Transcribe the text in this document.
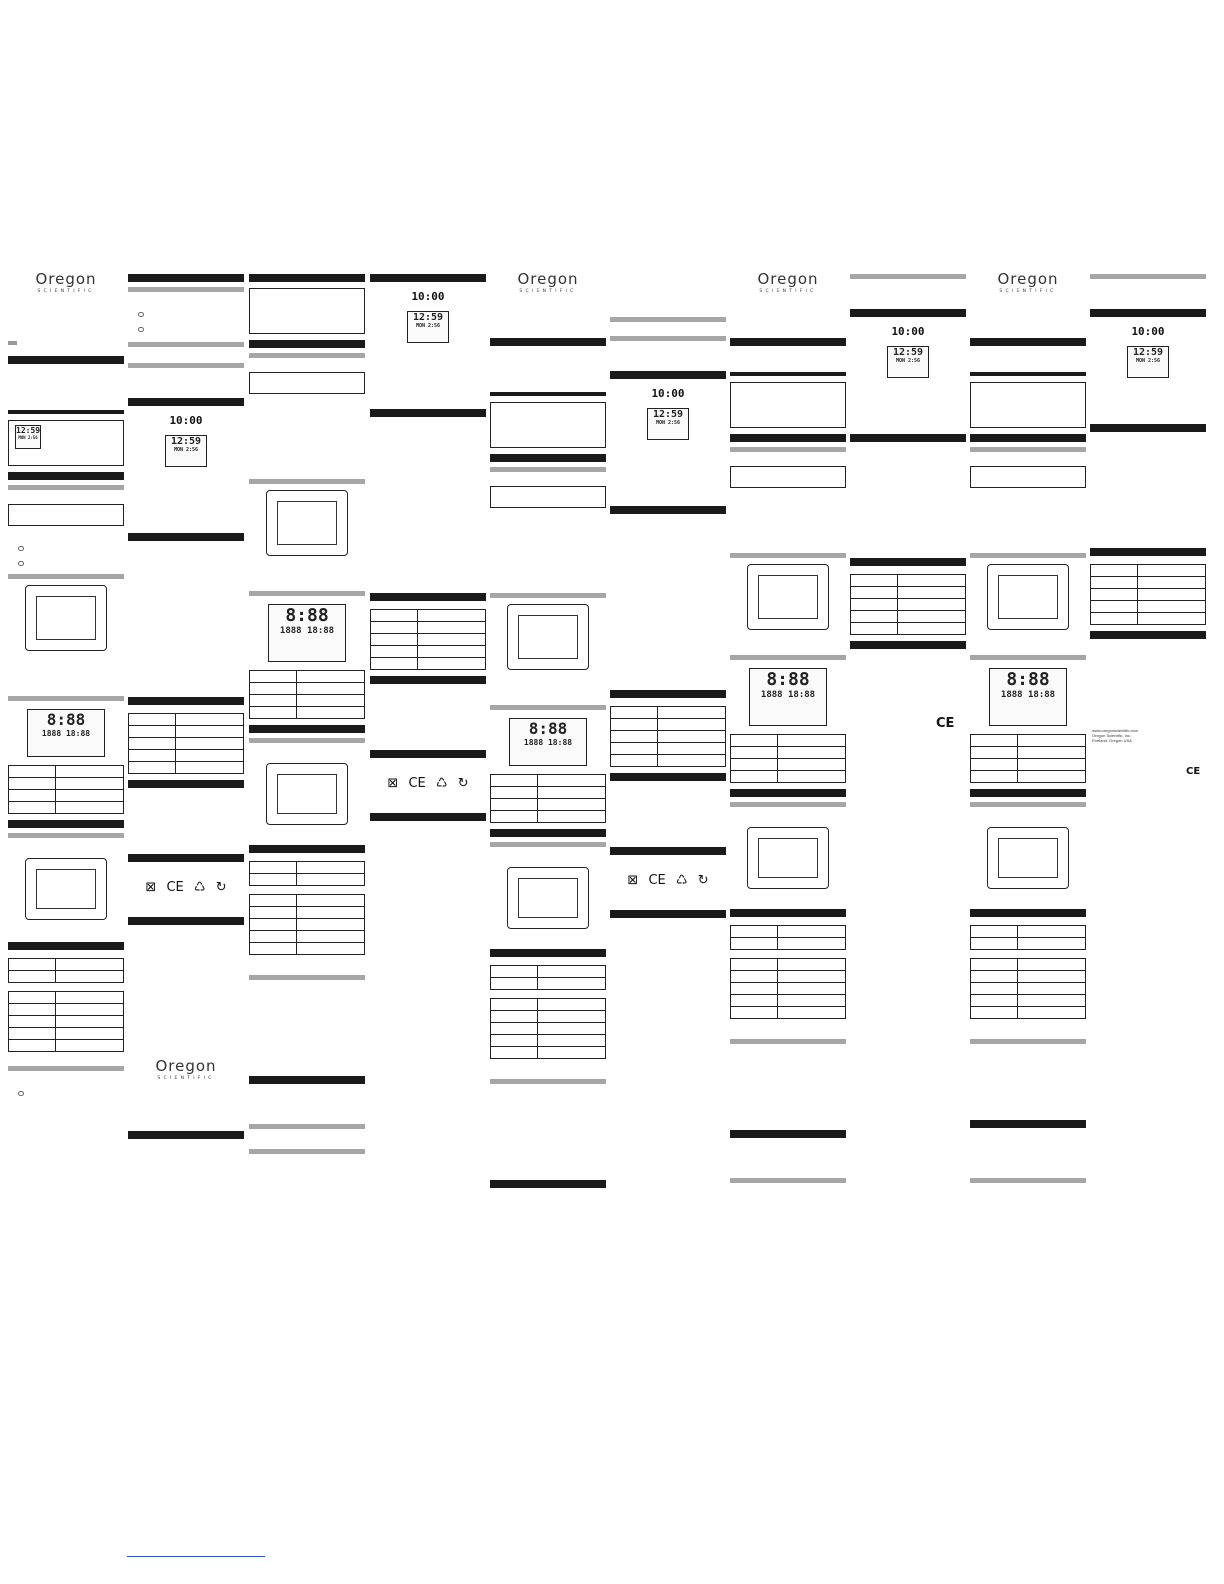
Oregon
SCIENTIFIC
12:59
MON 2:56
8:88
1888 18:88
10:00
12:59
MON 2:56
⊠ CE ♺ ↻
Oregon
SCIENTIFIC
8:88
1888 18:88
10:00
12:59
MON 2:56
⊠ CE ♺ ↻
Oregon
SCIENTIFIC
8:88
1888 18:88
10:00
12:59
MON 2:56
⊠ CE ♺ ↻
Oregon
SCIENTIFIC
8:88
1888 18:88
10:00
12:59
MON 2:56
Oregon
SCIENTIFIC
8:88
1888 18:88
10:00
12:59
MON 2:56
www.oregonscientific.com
Oregon Scientific, Inc.
Portland, Oregon USA
CE
CE
